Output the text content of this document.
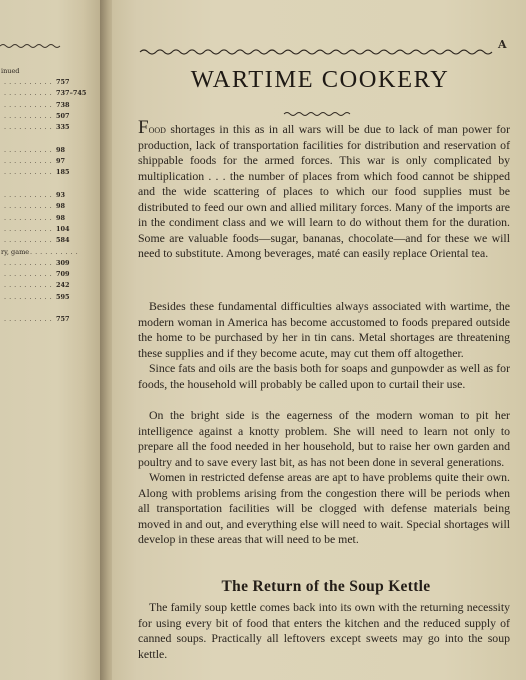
inued
.......... 757
.......... 737–745
.......... 738
.......... 507
.......... 335
.......... 98
.......... 97
.......... 185
.......... 93
.......... 98
.......... 98
.......... 104
.......... 584
ry, game ..........
.......... 309
.......... 709
.......... 242
.......... 595
.......... 757
A
WARTIME COOKERY

Food shortages in this as in all wars will be due to lack of man power for production, lack of transportation facilities for distribution and reservation of shippable foods for the armed forces. This war is only complicated by multiplication . . . the number of places from which food cannot be shipped and the wide scattering of places to which our food supplies must be distributed to feed our own and allied military forces. Many of the imports are in the condiment class and we will learn to do without them for the duration. Some are valuable foods—sugar, bananas, chocolate—and for these we will need to substitute. Among beverages, maté can easily replace Oriental tea.

Besides these fundamental difficulties always associated with wartime, the modern woman in America has become accustomed to foods prepared outside the home to be purchased by her in tin cans. Metal shortages are threatening these supplies and if they become acute, may cut them off altogether.

Since fats and oils are the basis both for soaps and gunpowder as well as for foods, the household will probably be called upon to curtail their use.

On the bright side is the eagerness of the modern woman to pit her intelligence against a knotty problem. She will need to learn not only to prepare all the food needed in her household, but to raise her own garden and poultry and to save every last bit, as has not been done in several generations.

Women in restricted defense areas are apt to have problems quite their own. Along with problems arising from the congestion there will be periods when all transportation facilities will be clogged with defense materials being moved in and out, and everything else will need to wait. Special shortages will develop in these areas that will need to be met.

The Return of the Soup Kettle

The family soup kettle comes back into its own with the returning necessity for using every bit of food that enters the kitchen and the reduced supply of canned soups. Practically all leftovers except sweets may go into the soup kettle.
